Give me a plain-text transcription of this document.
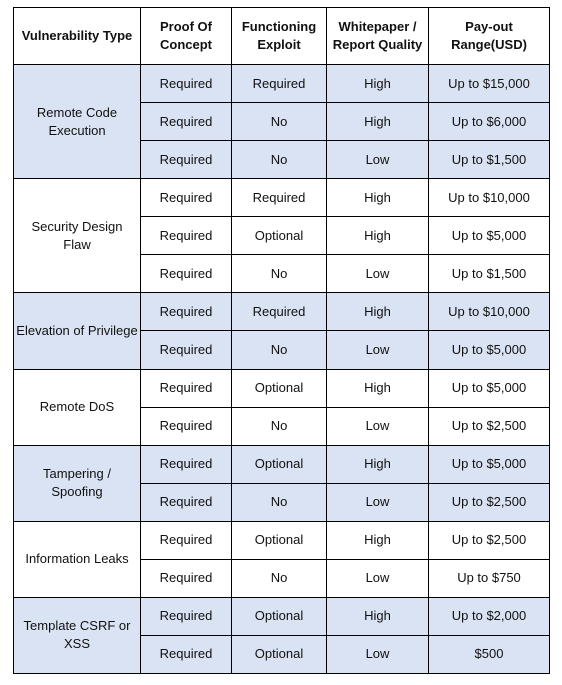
Vulnerability Type	Proof Of Concept	Functioning Exploit	Whitepaper / Report Quality	Pay-out Range(USD)
Remote Code Execution	Required	Required	High	Up to $15,000
	Required	No	High	Up to $6,000
	Required	No	Low	Up to $1,500
Security Design Flaw	Required	Required	High	Up to $10,000
	Required	Optional	High	Up to $5,000
	Required	No	Low	Up to $1,500
Elevation of Privilege	Required	Required	High	Up to $10,000
	Required	No	Low	Up to $5,000
Remote DoS	Required	Optional	High	Up to $5,000
	Required	No	Low	Up to $2,500
Tampering / Spoofing	Required	Optional	High	Up to $5,000
	Required	No	Low	Up to $2,500
Information Leaks	Required	Optional	High	Up to $2,500
	Required	No	Low	Up to $750
Template CSRF or XSS	Required	Optional	High	Up to $2,000
	Required	Optional	Low	$500
